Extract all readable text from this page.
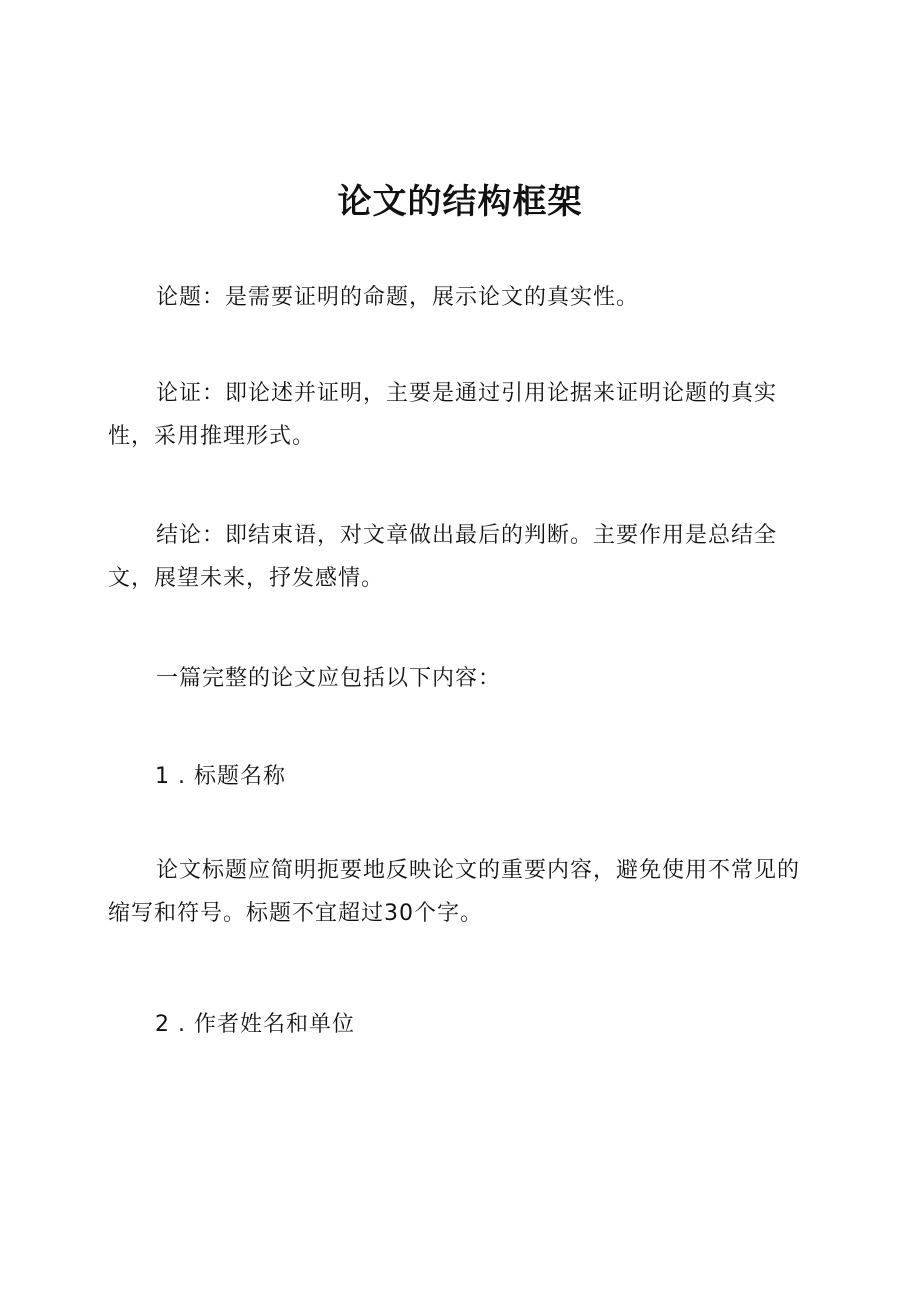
论文的结构框架

论题：是需要证明的命题，展示论文的真实性。

论证：即论述并证明，主要是通过引用论据来证明论题的真实性，采用推理形式。

结论：即结束语，对文章做出最后的判断。主要作用是总结全文，展望未来，抒发感情。

一篇完整的论文应包括以下内容：

1 . 标题名称

论文标题应简明扼要地反映论文的重要内容，避免使用不常见的缩写和符号。标题不宜超过30个字。

2 . 作者姓名和单位
